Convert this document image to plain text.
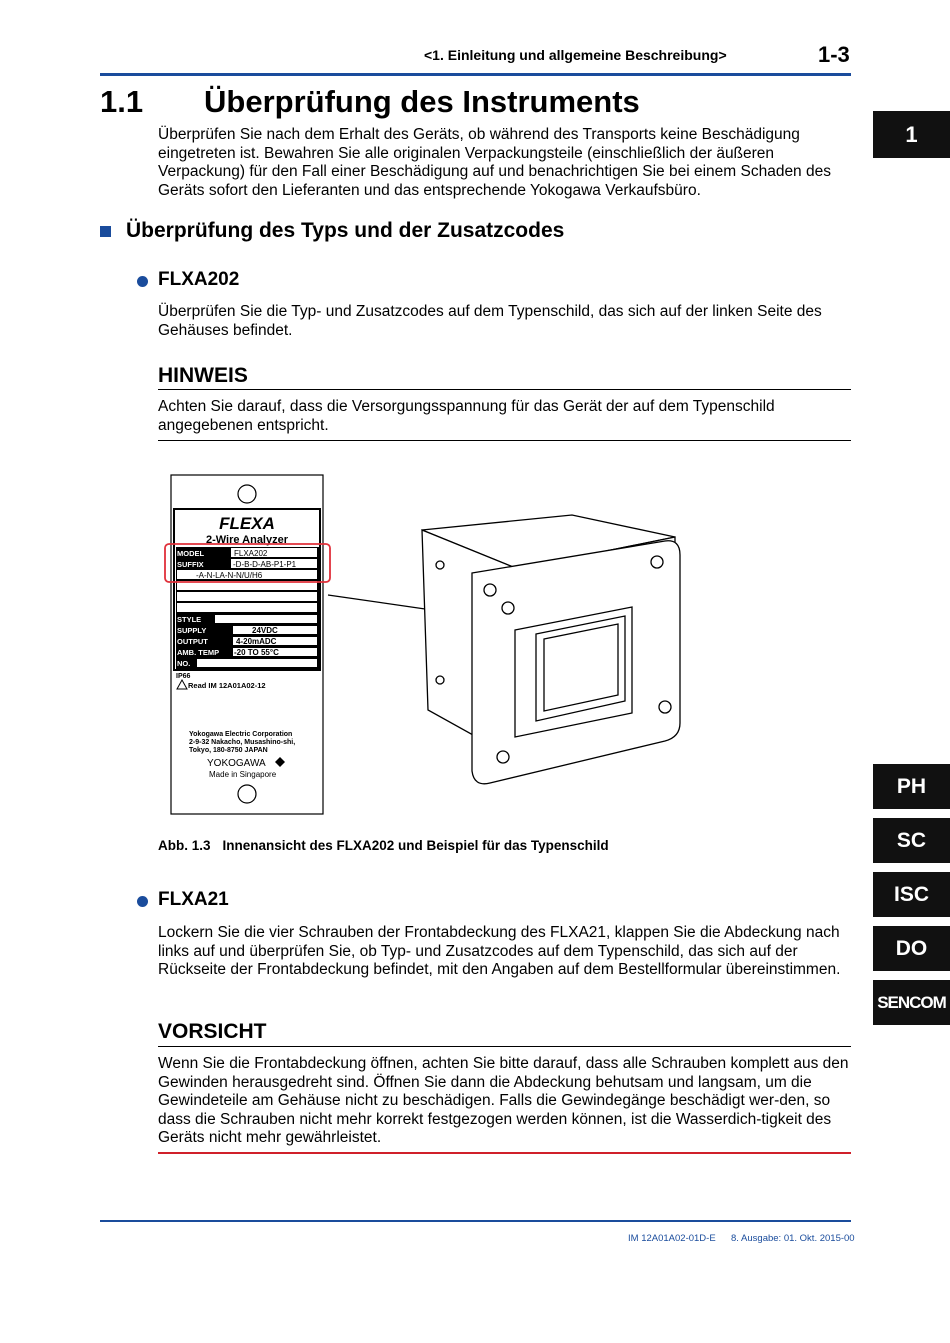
<1. Einleitung und allgemeine Beschreibung>	1-3
1.1 Überprüfung des Instruments
Überprüfen Sie nach dem Erhalt des Geräts, ob während des Transports keine Beschädigung eingetreten ist. Bewahren Sie alle originalen Verpackungsteile (einschließlich der äußeren Verpackung) für den Fall einer Beschädigung auf und benachrichtigen Sie bei einem Schaden des Geräts sofort den Lieferanten und das entsprechende Yokogawa Verkaufsbüro.
Überprüfung des Typs und der Zusatzcodes
FLXA202
Überprüfen Sie die Typ- und Zusatzcodes auf dem Typenschild, das sich auf der linken Seite des Gehäuses befindet.
HINWEIS
Achten Sie darauf, dass die Versorgungsspannung für das Gerät der auf dem Typenschild angegebenen entspricht.
FLEXA
2-Wire Analyzer
MODEL	FLXA202
SUFFIX	-D-B-D-AB-P1-P1
-A-N-LA-N-N/U/H6
STYLE
SUPPLY	24VDC
OUTPUT	4-20mADC
AMB. TEMP -20 TO 55°C
NO.
IP66
Read IM 12A01A02-12
Yokogawa Electric Corporation
2-9-32 Nakacho, Musashino-shi,
Tokyo, 180-8750 JAPAN
YOKOGAWA
Made in Singapore
Abb. 1.3 Innenansicht des FLXA202 und Beispiel für das Typenschild
FLXA21
Lockern Sie die vier Schrauben der Frontabdeckung des FLXA21, klappen Sie die Abdeckung nach links auf und überprüfen Sie, ob Typ- und Zusatzcodes auf dem Typenschild, das sich auf der Rückseite der Frontabdeckung befindet, mit den Angaben auf dem Bestellformular übereinstimmen.
VORSICHT
Wenn Sie die Frontabdeckung öffnen, achten Sie bitte darauf, dass alle Schrauben komplett aus den Gewinden herausgedreht sind. Öffnen Sie dann die Abdeckung behutsam und langsam, um die Gewindeteile am Gehäuse nicht zu beschädigen. Falls die Gewindegänge beschädigt wer-den, so dass die Schrauben nicht mehr korrekt festgezogen werden können, ist die Wasserdich-tigkeit des Geräts nicht mehr gewährleistet.
IM 12A01A02-01D-E 8. Ausgabe: 01. Okt. 2015-00
1
PH
SC
ISC
DO
SENCOM
